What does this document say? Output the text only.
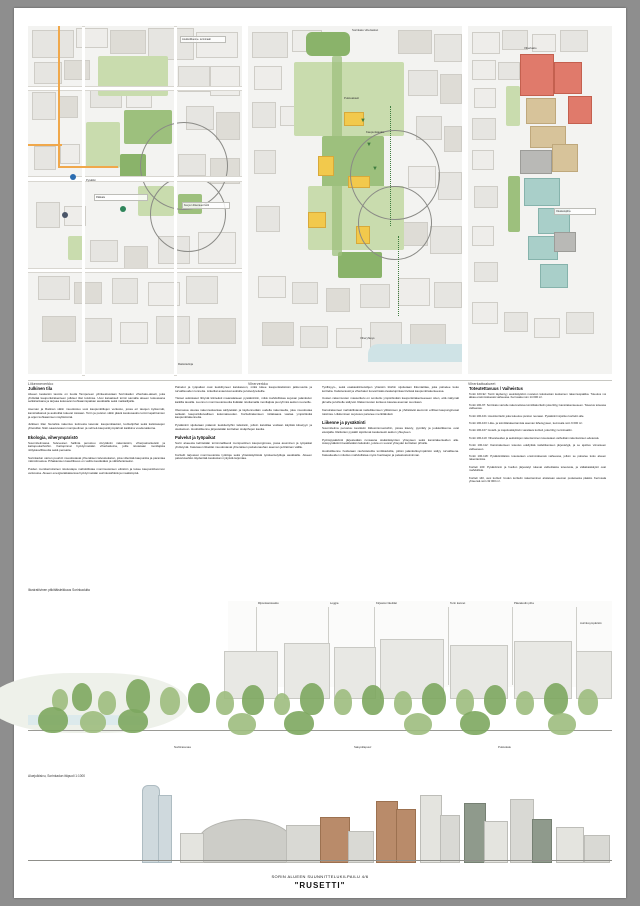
Joukkoliikenne- terminaali
Kevyen liikenteen reitti
Pääkatu
Pysäkki
Raitiotielinja
Liikenneverkko
▼
▼
▼
Sorinkatu vihertaskut
Puistoakseli
Kaupunkiaukio
Viheryhteys
Viherverkko
Oleskelupiha
Viherkatto
Viherkattoalueet
Julkinen tila

Alueen keskeisin tavoite on luoda Tampereen ydinkeskustaan Sorinkadun viherkatu-akseli, joka yhdistää kaupunkirakenteen julkiset tilat toisiinsa. Uusi katuakseli toimii samalla alueen kokoavana selkärankana ja tarjoaa kokoavan kohtaamispaikan asukkaille sekä matkailijoille.

Aseman ja Ratinan väliin muodostuu uusi kaupunkitilojen verkosto, jossa eri tasojen kytkennät, kansiratkaisut ja aukiotilat tukevat toisiaan. Torin ja puiston väliin jäävä keskusaukio toimii tapahtumien ja arjen kohtaamisen näyttämönä.

Julkisen tilan hierarkia rakentuu kolmesta tasosta: kaupunkiaukiot, korttelipihat sekä kattotasojen yhteistilat. Näin saavutetaan monipuolinen ja vehreä kaupunkiympäristö kaikkina vuodenaikoina.

Ekologia, viherympäristö

Suunnitelmassa hulevesien hallinta perustuu viivyttäviin rakenteisiin, viherpainanteisiin ja kattopuutarhoihin. Kattopinnat hyödynnetään viherkattoina, joille istutetaan monilajista niittykasvillisuutta sekä pensaita.

Sorinkadun varren puurivit muodostavat yhtenäisen latvustokaton, joka viilentää kaupunkia ja parantaa mikroilmastoa. Pihakansien kasvillisuus on valittu kestäväksi ja vähähoitoiseksi.

Puiden monikerroksinen istutustapa mahdollistaa monimuotoisen eliöstön ja tukee kaupunkiluonnon verkostoa. Alueen energiaratkaisuissa hyödynnetään aurinkosähköä ja maalämpöä.

Palvelut ja työpaikat ovat keskittyneet katutasoon, mikä tukee kaupunkielämän jatkuvuutta ja turvallisuuden tunnetta. Liiketilat avautuvat aukiolle ja kävelyreiteille.

Yleiset aukiotasot liittyvät kiinteästi maanalaiseen pysäköintiin, mikä mahdollistaa sujuvan jalankulun kaikilla tasoilla. Luonnon monimuotoisuutta lisätään istuttamalla monilajisia puuryhmiä aukion reunoille.

Olemassa olevaa rakennuskantaa säilytetään ja täydennetään uudella rakenteella, joka muodostaa selkeän kaupunkikuvallisen kokonaisuuden. Korttelirakenteen mittakaava vastaa ympäröivää kaupunkirakennetta.

Pysäköinti sijoitetaan pääosin keskitettyihin laitoksiin, jolloin katutilaa voidaan käyttää kävelyyn ja oleskeluun. Huoltoliikenne järjestetään korttelien sisäpihojen kautta.

Palvelut ja työpaikat

Sorin alueesta kehitetään toiminnallisesti monipuolinen kaupunginosa, jossa asuminen ja työpaikat yhdistyvät. Katutason liiketilat muodostavat yhtenäisen palvelunauhan aseman ja Ratinan välille.

Korttelit tarjoavat monimuotoisia työtiloja sekä yhteiskäyttöisiä työskentelytiloja asukkaille. Alueen palveluverkko täydentää keskustan nykyistä tarjontaa.

Työllisyys-, sekä osakaskiinteistöjen yhteisiin tiloihin sijoitetaan liikuntatilaa, joka palvelee koko korttelia. Kattoterassit ja viherkatot luovat lisää oleskelupintaa tiiviissä kaupunkirakenteessa.

Uusien rakennusten massoittelu on sovitettu ympäröivään kaupunkirakenteeseen siten, että näkymät järvelle ja kirkolle säilyvät. Rakennusten korkeus kasvaa aseman suuntaan.

Kansirakenteet mahdollistavat raideliikenteen ylittämisen ja yhdistävät aiemmin erilliset kaupunginosat toisiinsa. Liikkumisen sujuvuus paranee merkittävästi.

Liikenne ja pysäköinti

Suunnitelma perustuu kestäviin liikkumismuotoihin, joissa kävely, pyöräily ja joukkoliikenne ovat etusijalla. Raitiotien pysäkit sijoittuvat keskeisesti aukion yhteyteen.

Pyöräpysäköinti järjestetään runsaana sisäänkäyntien yhteyteen sekä kansirakenteiden alle. Autopysäköinti keskitetään laitoksiin, joista on suorat yhteydet korttelien pihoille.

Huoltoliikenne hoidetaan rauhoitetuilta tonttikaduilta, jolloin jalankulkuympäristö säilyy turvallisena. Katualueiden mitoitus mahdollistaa myös huoltoajon ja pelastustoiminnan.

Toteutettavuus / Vaiheistus

Tontti 100-92: Tontti täydentyy asuinkäyttöön nostetun kokoluokan keskeinen rakennuspaikka. Toteutus voi alkaa ensimmäisessä vaiheessa. Kerrosala noin 14 000 m².

Tontti 100-97: Sorinkatu varrelle rakennettava toimitilakorttelin joka liittyy kansirakenteeseen. Toteutus toisessa vaiheessa.

Tontti 100-101: Asuinkorttelin joka tukeutuu puiston reunaan. Pysäköinti sijoittuu korttelin alle.

Tontti 100-103: Liike- ja toimitilarakentamista aseman läheisyyteen, kerrosala noin 9 000 m².

Tontti 100-107: Hotelli- ja majoituskäyttöön varattava kortteli, joka liittyy terminaaliin.

Tontti 100-110: Viheralueiden ja aukiotilojen rakentaminen toteutetaan vaiheittain rakentamisen edetessä.

Tontti 100-112: Kansirakenteen toteutus edellyttää raideliikenteen järjestelyjä, ja se ajoittuu viimeiseen vaiheeseen.

Tontti 100-118: Pysäköintilaitos toteutetaan ensimmäisessä vaiheessa, jolloin se palvelee koko alueen rakentamista.

Kortteli 100: Pysäköinnin ja huollon järjestelyt tukevat vaiheittaista toteutusta, ja väliaikaiskäytöt ovat mahdollisia.

Kortteli 140, uusi kortteli: Uuden korttelin rakentaminen aloitetaan aseman puoleisesta päästä. Kerrosala yhteensä noin 32 000 m².

Illustratiivinen pitkittäisleikkaus Sorinkadulta
Rijvuskansiaukio	Loggia	Kirjaston likeitilat	Terin kannet	Päivakodin piha
Aurinkoympäristö
Norttirasunaa	Sakyotilapuuz	Puistokatu
Aluejulkisivu, Sorinkadun itäpuoli 1:1000
SORIN ALUEEN SUUNNITTELUKILPAILU 4/6
"RUSETTI"
